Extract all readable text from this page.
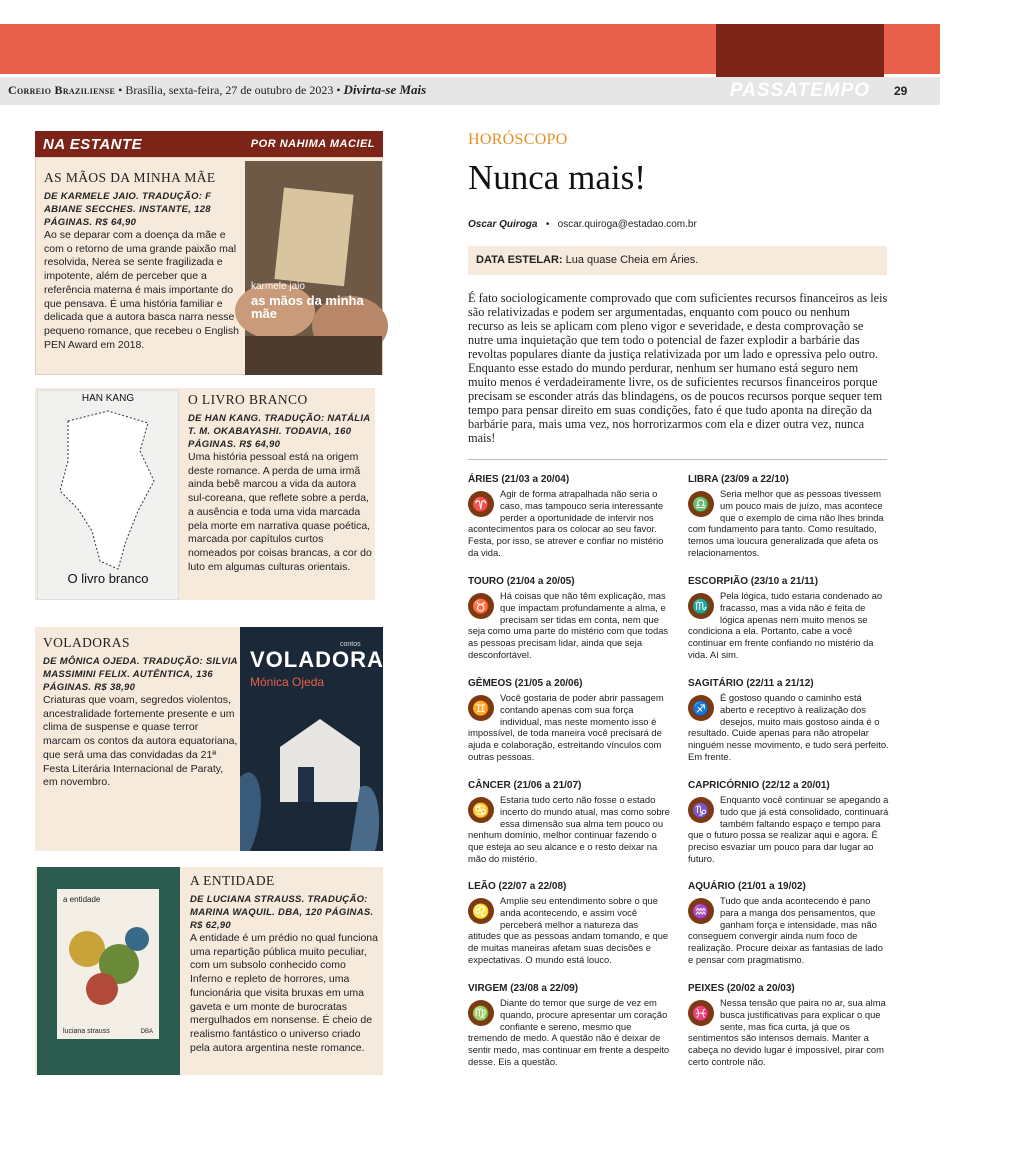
Correio Braziliense • Brasília, sexta-feira, 27 de outubro de 2023 • Divirta-se Mais	PASSATEMPO	29
NA ESTANTE	POR NAHIMA MACIEL
AS MÃOS DA MINHA MÃE
DE KARMELE JAIO. TRADUÇÃO: F ABIANE SECCHES. INSTANTE, 128 PÁGINAS. R$ 64,90
Ao se deparar com a doença da mãe e com o retorno de uma grande paixão mal resolvida, Nerea se sente fragilizada e impotente, além de perceber que a referência materna é mais importante do que pensava. É uma história familiar e delicada que a autora basca narra nesse pequeno romance, que recebeu o English PEN Award em 2018.
karmele jaio
as mãos da minha mãe
HAN KANG
O livro branco
O LIVRO BRANCO
DE HAN KANG. TRADUÇÃO: NATÁLIA T. M. OKABAYASHI. TODAVIA, 160 PÁGINAS. R$ 64,90
Uma história pessoal está na origem deste romance. A perda de uma irmã ainda bebê marcou a vida da autora sul-coreana, que reflete sobre a perda, a ausência e toda uma vida marcada pela morte em narrativa quase poética, marcada por capítulos curtos nomeados por coisas brancas, a cor do luto em algumas culturas orientais.
VOLADORAS
DE MÔNICA OJEDA. TRADUÇÃO: SILVIA MASSIMINI FELIX. AUTÊNTICA, 136 PÁGINAS. R$ 38,90
Criaturas que voam, segredos violentos, ancestralidade fortemente presente e um clima de suspense e quase terror marcam os contos da autora equatoriana, que será uma das convidadas da 21ª Festa Literária Internacional de Paraty, em novembro.
contos
VOLADORAS
Mónica Ojeda
a entidade
luciana strauss	DBA
A ENTIDADE
DE LUCIANA STRAUSS. TRADUÇÃO: MARINA WAQUIL. DBA, 120 PÁGINAS. R$ 62,90
A entidade é um prédio no qual funciona uma repartição pública muito peculiar, com um subsolo conhecido como Inferno e repleto de horrores, uma funcionária que visita bruxas em uma gaveta e um monte de burocratas mergulhados em nonsense. É cheio de realismo fantástico o universo criado pela autora argentina neste romance.
HORÓSCOPO
Nunca mais!
Oscar Quiroga • oscar.quiroga@estadao.com.br
DATA ESTELAR: Lua quase Cheia em Áries.
É fato sociologicamente comprovado que com suficientes recursos financeiros as leis são relativizadas e podem ser argumentadas, enquanto com pouco ou nenhum recurso as leis se aplicam com pleno vigor e severidade, e desta comprovação se nutre uma inquietação que tem todo o potencial de fazer explodir a barbárie das revoltas populares diante da justiça relativizada por um lado e opressiva pelo outro. Enquanto esse estado do mundo perdurar, nenhum ser humano está seguro nem muito menos é verdadeiramente livre, os de suficientes recursos financeiros porque precisam se esconder atrás das blindagens, os de poucos recursos porque sequer tem tempo para pensar direito em suas condições, fato é que tudo aponta na direção da barbárie para, mais uma vez, nos horrorizarmos com ela e dizer outra vez, nunca mais!
ÁRIES (21/03 a 20/04)
♈
Agir de forma atrapalhada não seria o caso, mas tampouco seria interessante perder a oportunidade de intervir nos acontecimentos para os colocar ao seu favor. Festa, por isso, se atrever e confiar no mistério da vida.
TOURO (21/04 a 20/05)
♉
Há coisas que não têm explicação, mas que impactam profundamente a alma, e precisam ser tidas em conta, nem que seja como uma parte do mistério com que todas as pessoas precisam lidar, ainda que seja desconfortável.
GÊMEOS (21/05 a 20/06)
♊
Você gostaria de poder abrir passagem contando apenas com sua força individual, mas neste momento isso é impossível, de toda maneira você precisará de ajuda e colaboração, estreitando vínculos com outras pessoas.
CÂNCER (21/06 a 21/07)
♋
Estaria tudo certo não fosse o estado incerto do mundo atual, mas como sobre essa dimensão sua alma tem pouco ou nenhum domínio, melhor continuar fazendo o que esteja ao seu alcance e o resto deixar na mão do mistério.
LEÃO (22/07 a 22/08)
♌
Amplie seu entendimento sobre o que anda acontecendo, e assim você perceberá melhor a natureza das atitudes que as pessoas andam tomando, e que de muitas maneiras afetam suas decisões e expectativas. O mundo está louco.
VIRGEM (23/08 a 22/09)
♍
Diante do temor que surge de vez em quando, procure apresentar um coração confiante e sereno, mesmo que tremendo de medo. A questão não é deixar de sentir medo, mas continuar em frente a despeito desse. Eis a questão.
LIBRA (23/09 a 22/10)
♎
Seria melhor que as pessoas tivessem um pouco mais de juízo, mas acontece que o exemplo de cima não lhes brinda com fundamento para tanto. Como resultado, temos uma loucura generalizada que afeta os relacionamentos.
ESCORPIÃO (23/10 a 21/11)
♏
Pela lógica, tudo estaria condenado ao fracasso, mas a vida não é feita de lógica apenas nem muito menos se condiciona a ela. Portanto, cabe a você continuar em frente confiando no mistério da vida. Aí sim.
SAGITÁRIO (22/11 a 21/12)
♐
É gostoso quando o caminho está aberto e receptivo à realização dos desejos, muito mais gostoso ainda é o resultado. Cuide apenas para não atropelar ninguém nesse movimento, e tudo será perfeito. Em frente.
CAPRICÓRNIO (22/12 a 20/01)
♑
Enquanto você continuar se apegando a tudo que já está consolidado, continuará também faltando espaço e tempo para que o futuro possa se realizar aqui e agora. É preciso esvaziar um pouco para dar lugar ao futuro.
AQUÁRIO (21/01 a 19/02)
♒
Tudo que anda acontecendo é pano para a manga dos pensamentos, que ganham força e intensidade, mas não conseguem convergir ainda num foco de realização. Procure deixar as fantasias de lado e pensar com pragmatismo.
PEIXES (20/02 a 20/03)
♓
Nessa tensão que paira no ar, sua alma busca justificativas para explicar o que sente, mas fica curta, já que os sentimentos são intensos demais. Manter a cabeça no devido lugar é impossível, pirar com certo controle não.
